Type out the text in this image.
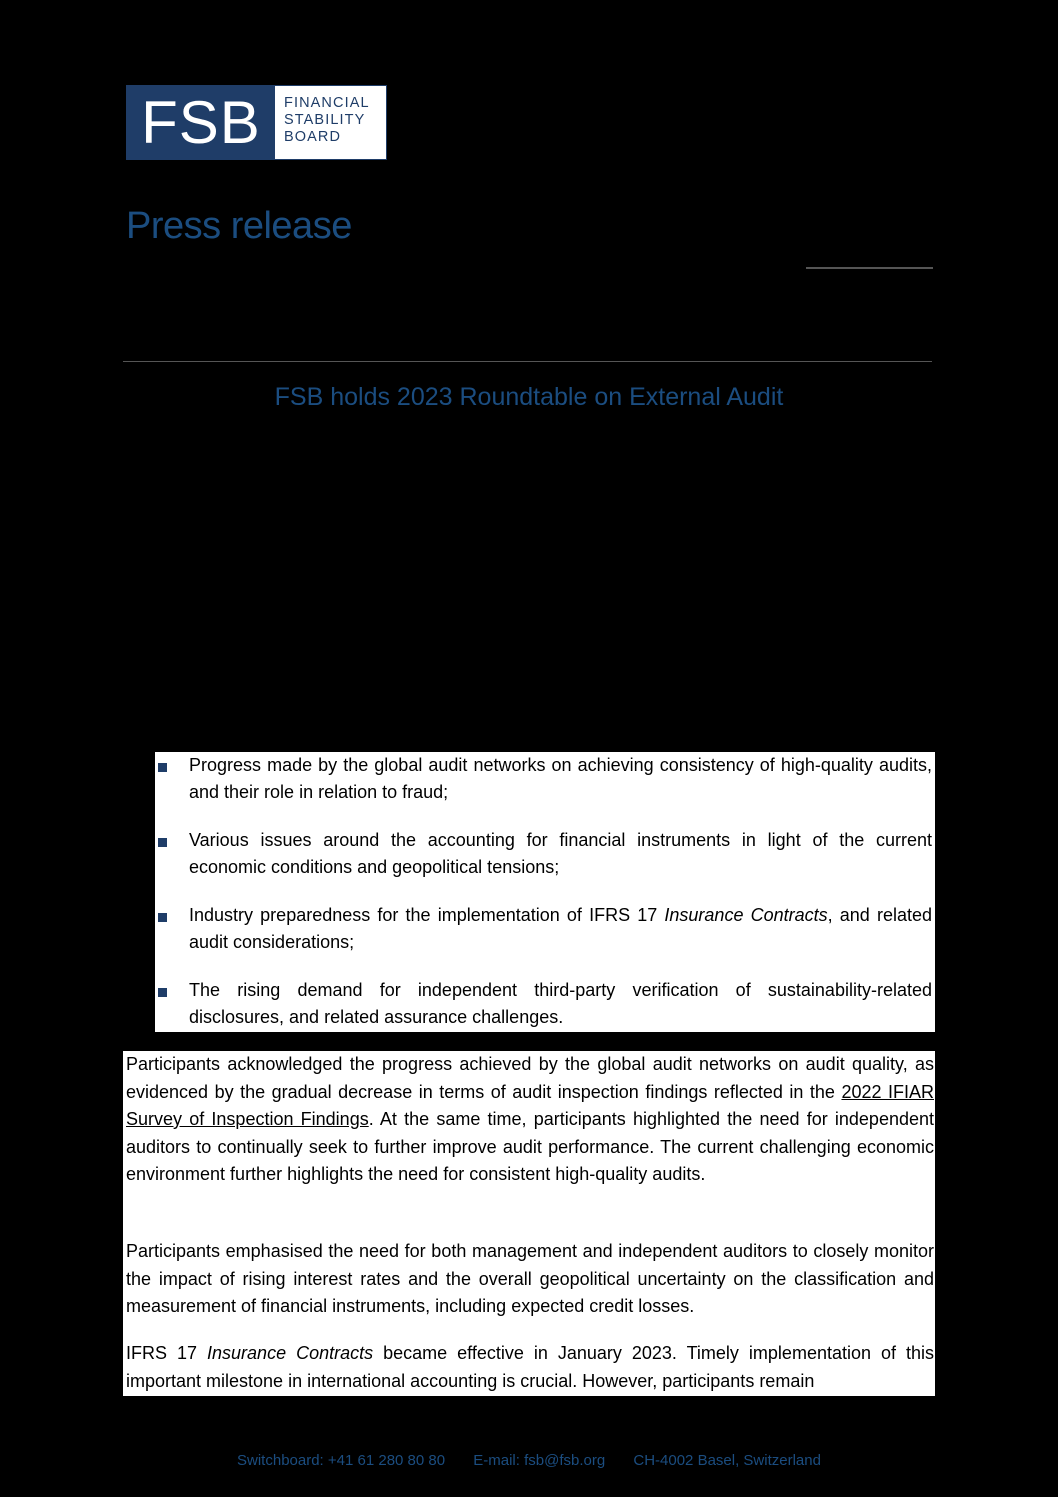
FSB	FINANCIAL
STABILITY
BOARD
Press release
FSB holds 2023 Roundtable on External Audit
Progress made by the global audit networks on achieving consistency of high-quality audits, and their role in relation to fraud;
Various issues around the accounting for financial instruments in light of the current economic conditions and geopolitical tensions;
Industry preparedness for the implementation of IFRS 17 Insurance Contracts, and related audit considerations;
The rising demand for independent third-party verification of sustainability-related disclosures, and related assurance challenges.
Participants acknowledged the progress achieved by the global audit networks on audit quality, as evidenced by the gradual decrease in terms of audit inspection findings reflected in the 2022 IFIAR Survey of Inspection Findings. At the same time, participants highlighted the need for independent auditors to continually seek to further improve audit performance. The current challenging economic environment further highlights the need for consistent high-quality audits.
Participants emphasised the need for both management and independent auditors to closely monitor the impact of rising interest rates and the overall geopolitical uncertainty on the classification and measurement of financial instruments, including expected credit losses.
IFRS 17 Insurance Contracts became effective in January 2023. Timely implementation of this important milestone in international accounting is crucial. However, participants remain
Switchboard: +41 61 280 80 80 E-mail: fsb@fsb.org CH-4002 Basel, Switzerland
